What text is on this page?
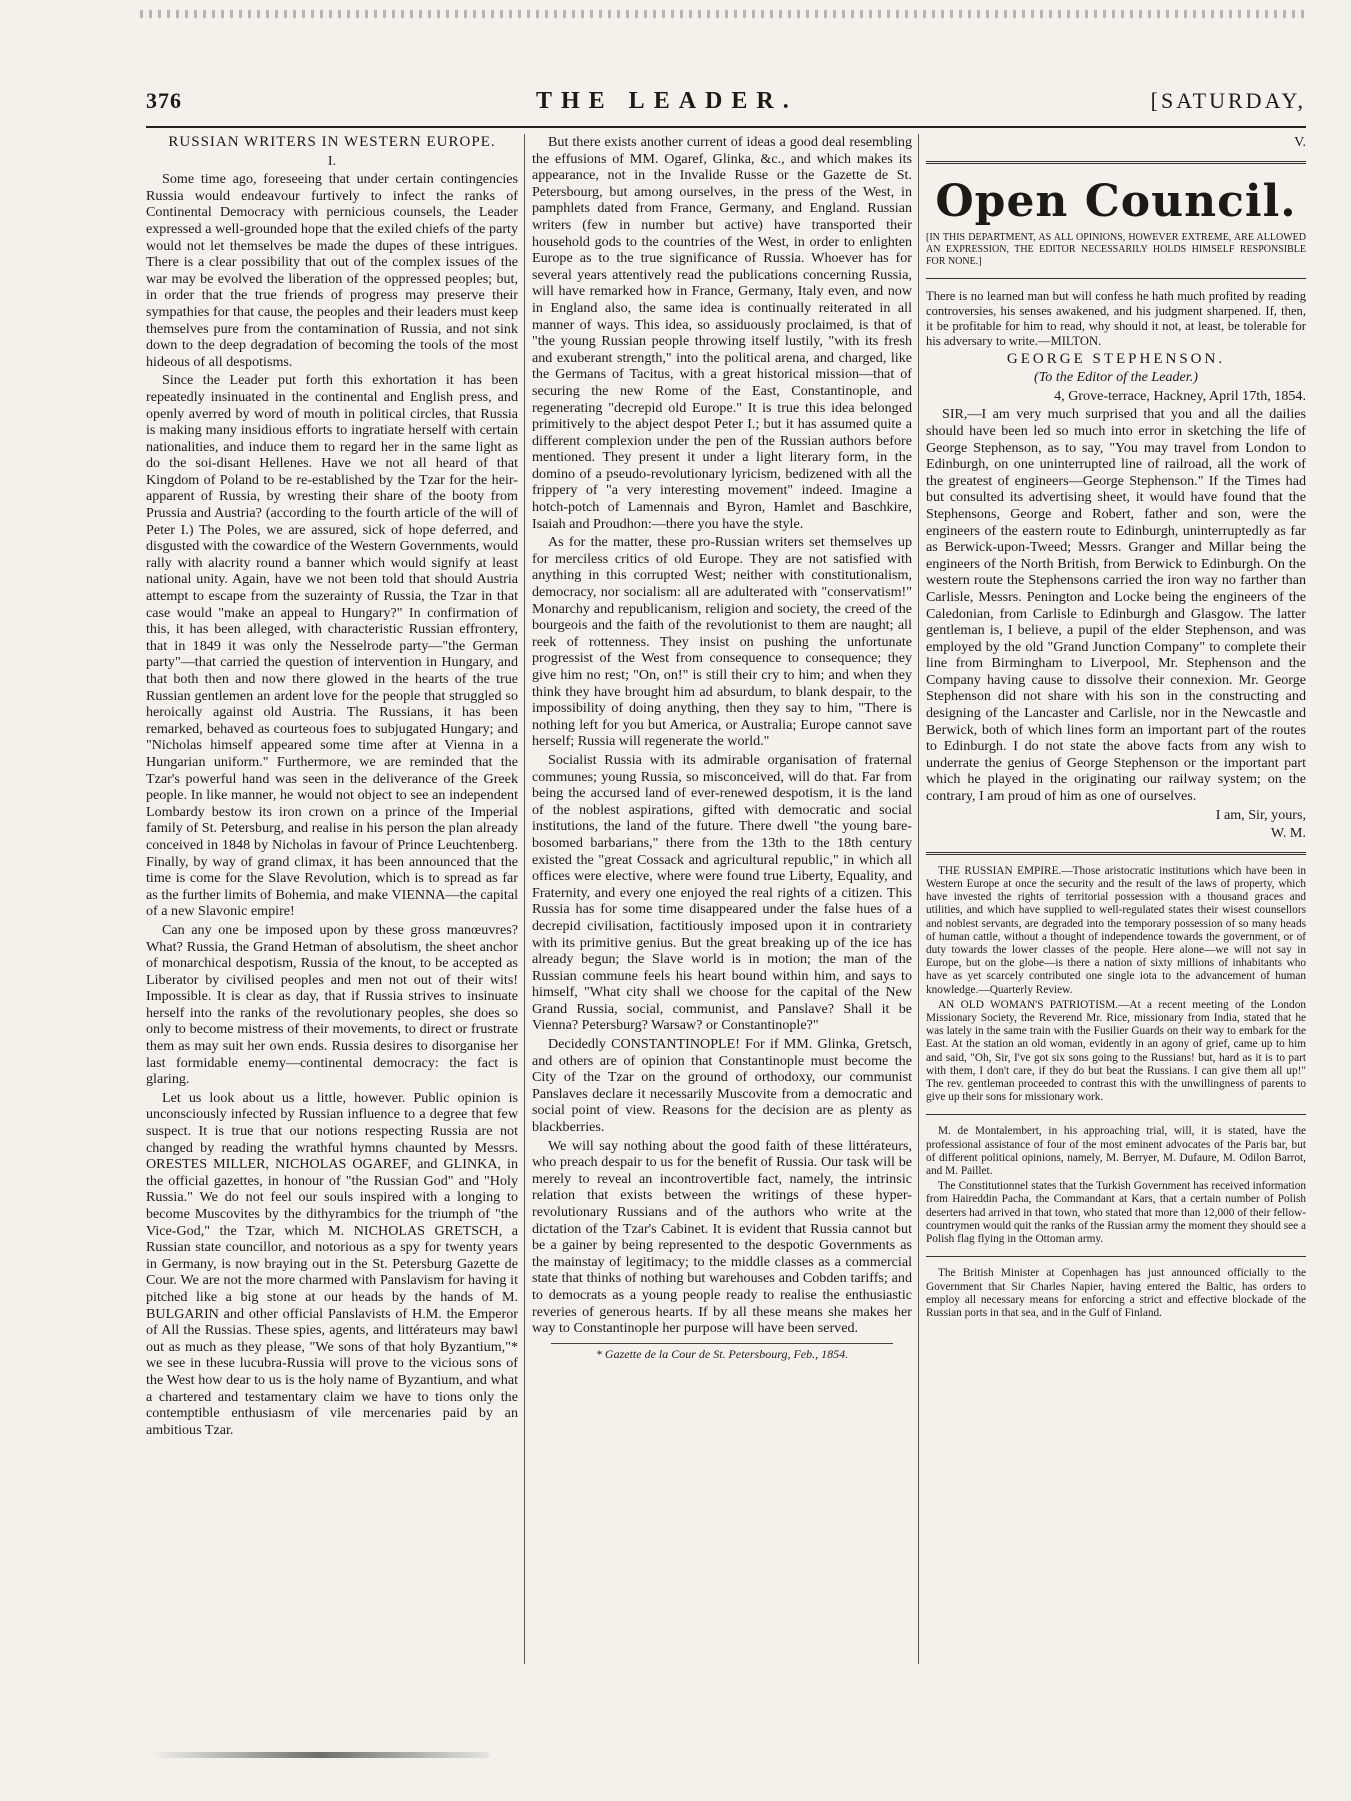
376	THE LEADER.	[SATURDAY,

RUSSIAN WRITERS IN WESTERN EUROPE.

I.

Some time ago, foreseeing that under certain contingencies Russia would endeavour furtively to infect the ranks of Continental Democracy with pernicious counsels, the Leader expressed a well-grounded hope that the exiled chiefs of the party would not let themselves be made the dupes of these intrigues. There is a clear possibility that out of the complex issues of the war may be evolved the liberation of the oppressed peoples; but, in order that the true friends of progress may preserve their sympathies for that cause, the peoples and their leaders must keep themselves pure from the contamination of Russia, and not sink down to the deep degradation of becoming the tools of the most hideous of all despotisms.

Since the Leader put forth this exhortation it has been repeatedly insinuated in the continental and English press, and openly averred by word of mouth in political circles, that Russia is making many insidious efforts to ingratiate herself with certain nationalities, and induce them to regard her in the same light as do the soi-disant Hellenes. Have we not all heard of that Kingdom of Poland to be re-established by the Tzar for the heir-apparent of Russia, by wresting their share of the booty from Prussia and Austria? (according to the fourth article of the will of Peter I.) The Poles, we are assured, sick of hope deferred, and disgusted with the cowardice of the Western Governments, would rally with alacrity round a banner which would signify at least national unity. Again, have we not been told that should Austria attempt to escape from the suzerainty of Russia, the Tzar in that case would "make an appeal to Hungary?" In confirmation of this, it has been alleged, with characteristic Russian effrontery, that in 1849 it was only the Nesselrode party—"the German party"—that carried the question of intervention in Hungary, and that both then and now there glowed in the hearts of the true Russian gentlemen an ardent love for the people that struggled so heroically against old Austria. The Russians, it has been remarked, behaved as courteous foes to subjugated Hungary; and "Nicholas himself appeared some time after at Vienna in a Hungarian uniform." Furthermore, we are reminded that the Tzar's powerful hand was seen in the deliverance of the Greek people. In like manner, he would not object to see an independent Lombardy bestow its iron crown on a prince of the Imperial family of St. Petersburg, and realise in his person the plan already conceived in 1848 by Nicholas in favour of Prince Leuchtenberg. Finally, by way of grand climax, it has been announced that the time is come for the Slave Revolution, which is to spread as far as the further limits of Bohemia, and make VIENNA—the capital of a new Slavonic empire!

Can any one be imposed upon by these gross manœuvres? What? Russia, the Grand Hetman of absolutism, the sheet anchor of monarchical despotism, Russia of the knout, to be accepted as Liberator by civilised peoples and men not out of their wits! Impossible. It is clear as day, that if Russia strives to insinuate herself into the ranks of the revolutionary peoples, she does so only to become mistress of their movements, to direct or frustrate them as may suit her own ends. Russia desires to disorganise her last formidable enemy—continental democracy: the fact is glaring.

Let us look about us a little, however. Public opinion is unconsciously infected by Russian influence to a degree that few suspect. It is true that our notions respecting Russia are not changed by reading the wrathful hymns chaunted by Messrs. ORESTES MILLER, NICHOLAS OGAREF, and GLINKA, in the official gazettes, in honour of "the Russian God" and "Holy Russia." We do not feel our souls inspired with a longing to become Muscovites by the dithyrambics for the triumph of "the Vice-God," the Tzar, which M. NICHOLAS GRETSCH, a Russian state councillor, and notorious as a spy for twenty years in Germany, is now braying out in the St. Petersburg Gazette de Cour. We are not the more charmed with Panslavism for having it pitched like a big stone at our heads by the hands of M. BULGARIN and other official Panslavists of H.M. the Emperor of All the Russias. These spies, agents, and littérateurs may bawl out as much as they please, "We sons of that holy Byzantium,"* we see in these lucubra-Russia will prove to the vicious sons of the West how dear to us is the holy name of Byzantium, and what a chartered and testamentary claim we have to tions only the contemptible enthusiasm of vile mercenaries paid by an ambitious Tzar.

But there exists another current of ideas a good deal resembling the effusions of MM. Ogaref, Glinka, &c., and which makes its appearance, not in the Invalide Russe or the Gazette de St. Petersbourg, but among ourselves, in the press of the West, in pamphlets dated from France, Germany, and England. Russian writers (few in number but active) have transported their household gods to the countries of the West, in order to enlighten Europe as to the true significance of Russia. Whoever has for several years attentively read the publications concerning Russia, will have remarked how in France, Germany, Italy even, and now in England also, the same idea is continually reiterated in all manner of ways. This idea, so assiduously proclaimed, is that of "the young Russian people throwing itself lustily, "with its fresh and exuberant strength," into the political arena, and charged, like the Germans of Tacitus, with a great historical mission—that of securing the new Rome of the East, Constantinople, and regenerating "decrepid old Europe." It is true this idea belonged primitively to the abject despot Peter I.; but it has assumed quite a different complexion under the pen of the Russian authors before mentioned. They present it under a light literary form, in the domino of a pseudo-revolutionary lyricism, bedizened with all the frippery of "a very interesting movement" indeed. Imagine a hotch-potch of Lamennais and Byron, Hamlet and Baschkire, Isaiah and Proudhon:—there you have the style.

As for the matter, these pro-Russian writers set themselves up for merciless critics of old Europe. They are not satisfied with anything in this corrupted West; neither with constitutionalism, democracy, nor socialism: all are adulterated with "conservatism!" Monarchy and republicanism, religion and society, the creed of the bourgeois and the faith of the revolutionist to them are naught; all reek of rottenness. They insist on pushing the unfortunate progressist of the West from consequence to consequence; they give him no rest; "On, on!" is still their cry to him; and when they think they have brought him ad absurdum, to blank despair, to the impossibility of doing anything, then they say to him, "There is nothing left for you but America, or Australia; Europe cannot save herself; Russia will regenerate the world."

Socialist Russia with its admirable organisation of fraternal communes; young Russia, so misconceived, will do that. Far from being the accursed land of ever-renewed despotism, it is the land of the noblest aspirations, gifted with democratic and social institutions, the land of the future. There dwell "the young bare-bosomed barbarians," there from the 13th to the 18th century existed the "great Cossack and agricultural republic," in which all offices were elective, where were found true Liberty, Equality, and Fraternity, and every one enjoyed the real rights of a citizen. This Russia has for some time disappeared under the false hues of a decrepid civilisation, factitiously imposed upon it in contrariety with its primitive genius. But the great breaking up of the ice has already begun; the Slave world is in motion; the man of the Russian commune feels his heart bound within him, and says to himself, "What city shall we choose for the capital of the New Grand Russia, social, communist, and Panslave? Shall it be Vienna? Petersburg? Warsaw? or Constantinople?"

Decidedly CONSTANTINOPLE! For if MM. Glinka, Gretsch, and others are of opinion that Constantinople must become the City of the Tzar on the ground of orthodoxy, our communist Panslaves declare it necessarily Muscovite from a democratic and social point of view. Reasons for the decision are as plenty as blackberries.

We will say nothing about the good faith of these littérateurs, who preach despair to us for the benefit of Russia. Our task will be merely to reveal an incontrovertible fact, namely, the intrinsic relation that exists between the writings of these hyper-revolutionary Russians and of the authors who write at the dictation of the Tzar's Cabinet. It is evident that Russia cannot but be a gainer by being represented to the despotic Governments as the mainstay of legitimacy; to the middle classes as a commercial state that thinks of nothing but warehouses and Cobden tariffs; and to democrats as a young people ready to realise the enthusiastic reveries of generous hearts. If by all these means she makes her way to Constantinople her purpose will have been served.

* Gazette de la Cour de St. Petersbourg, Feb., 1854.

V.

Open Council.

[IN THIS DEPARTMENT, AS ALL OPINIONS, HOWEVER EXTREME, ARE ALLOWED AN EXPRESSION, THE EDITOR NECESSARILY HOLDS HIMSELF RESPONSIBLE FOR NONE.]

There is no learned man but will confess he hath much profited by reading controversies, his senses awakened, and his judgment sharpened. If, then, it be profitable for him to read, why should it not, at least, be tolerable for his adversary to write.—MILTON.

GEORGE STEPHENSON.

(To the Editor of the Leader.)

4, Grove-terrace, Hackney, April 17th, 1854.

SIR,—I am very much surprised that you and all the dailies should have been led so much into error in sketching the life of George Stephenson, as to say, "You may travel from London to Edinburgh, on one uninterrupted line of railroad, all the work of the greatest of engineers—George Stephenson." If the Times had but consulted its advertising sheet, it would have found that the Stephensons, George and Robert, father and son, were the engineers of the eastern route to Edinburgh, uninterruptedly as far as Berwick-upon-Tweed; Messrs. Granger and Millar being the engineers of the North British, from Berwick to Edinburgh. On the western route the Stephensons carried the iron way no farther than Carlisle, Messrs. Penington and Locke being the engineers of the Caledonian, from Carlisle to Edinburgh and Glasgow. The latter gentleman is, I believe, a pupil of the elder Stephenson, and was employed by the old "Grand Junction Company" to complete their line from Birmingham to Liverpool, Mr. Stephenson and the Company having cause to dissolve their connexion. Mr. George Stephenson did not share with his son in the constructing and designing of the Lancaster and Carlisle, nor in the Newcastle and Berwick, both of which lines form an important part of the routes to Edinburgh. I do not state the above facts from any wish to underrate the genius of George Stephenson or the important part which he played in the originating our railway system; on the contrary, I am proud of him as one of ourselves.

I am, Sir, yours,

W. M.

THE RUSSIAN EMPIRE.—Those aristocratic institutions which have been in Western Europe at once the security and the result of the laws of property, which have invested the rights of territorial possession with a thousand graces and utilities, and which have supplied to well-regulated states their wisest counsellors and noblest servants, are degraded into the temporary possession of so many heads of human cattle, without a thought of independence towards the government, or of duty towards the lower classes of the people. Here alone—we will not say in Europe, but on the globe—is there a nation of sixty millions of inhabitants who have as yet scarcely contributed one single iota to the advancement of human knowledge.—Quarterly Review.

AN OLD WOMAN'S PATRIOTISM.—At a recent meeting of the London Missionary Society, the Reverend Mr. Rice, missionary from India, stated that he was lately in the same train with the Fusilier Guards on their way to embark for the East. At the station an old woman, evidently in an agony of grief, came up to him and said, "Oh, Sir, I've got six sons going to the Russians! but, hard as it is to part with them, I don't care, if they do but beat the Russians. I can give them all up!" The rev. gentleman proceeded to contrast this with the unwillingness of parents to give up their sons for missionary work.

M. de Montalembert, in his approaching trial, will, it is stated, have the professional assistance of four of the most eminent advocates of the Paris bar, but of different political opinions, namely, M. Berryer, M. Dufaure, M. Odilon Barrot, and M. Paillet.

The Constitutionnel states that the Turkish Government has received information from Haireddin Pacha, the Commandant at Kars, that a certain number of Polish deserters had arrived in that town, who stated that more than 12,000 of their fellow-countrymen would quit the ranks of the Russian army the moment they should see a Polish flag flying in the Ottoman army.

The British Minister at Copenhagen has just announced officially to the Government that Sir Charles Napier, having entered the Baltic, has orders to employ all necessary means for enforcing a strict and effective blockade of the Russian ports in that sea, and in the Gulf of Finland.
